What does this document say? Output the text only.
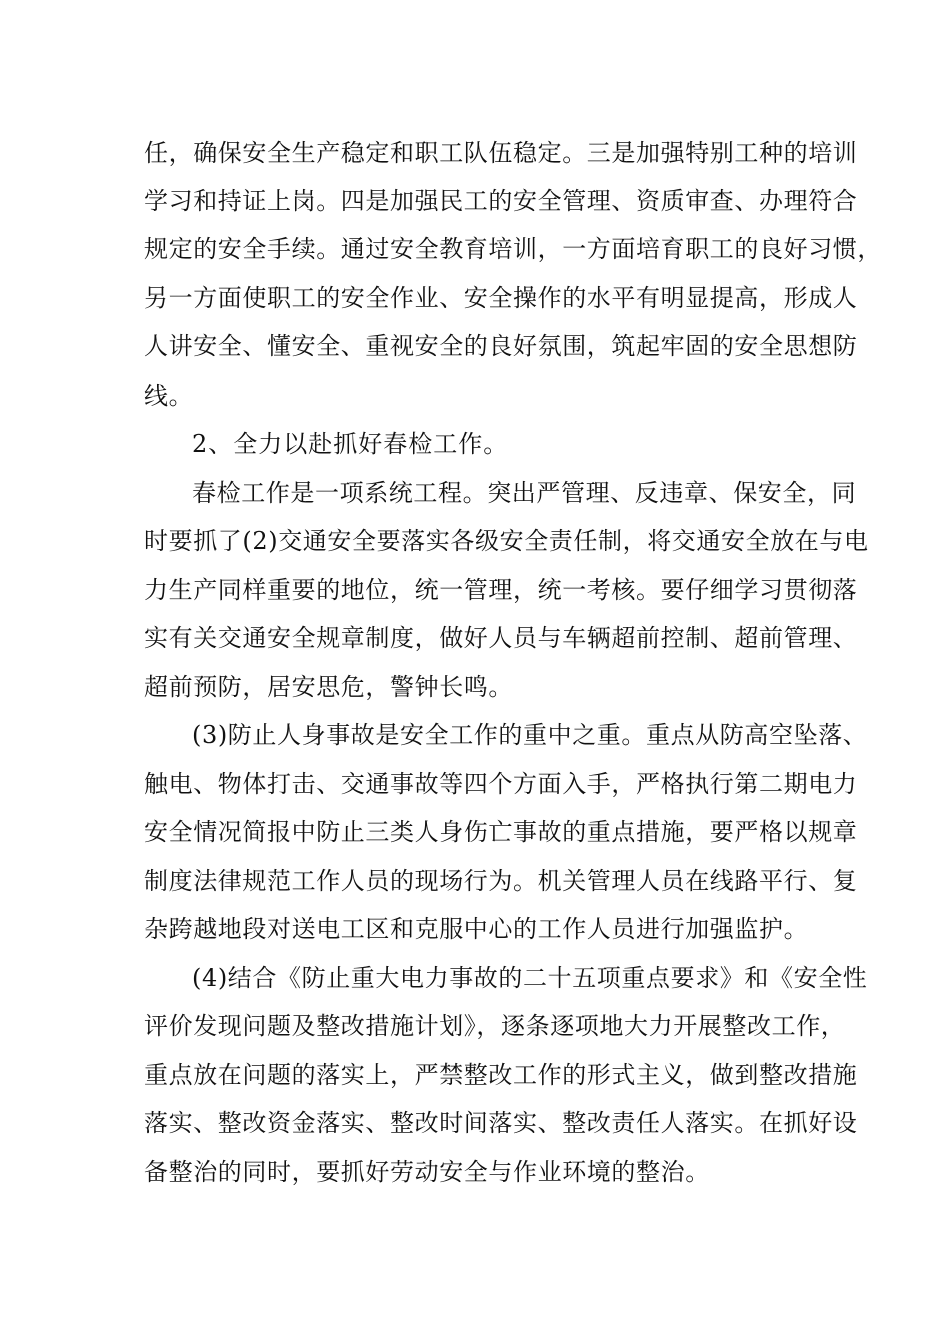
任，确保安全生产稳定和职工队伍稳定。三是加强特别工种的培训
学习和持证上岗。四是加强民工的安全管理、资质审查、办理符合
规定的安全手续。通过安全教育培训，一方面培育职工的良好习惯，
另一方面使职工的安全作业、安全操作的水平有明显提高，形成人
人讲安全、懂安全、重视安全的良好氛围，筑起牢固的安全思想防
线。
2、全力以赴抓好春检工作。
春检工作是一项系统工程。突出严管理、反违章、保安全，同
时要抓了(2)交通安全要落实各级安全责任制，将交通安全放在与电
力生产同样重要的地位，统一管理，统一考核。要仔细学习贯彻落
实有关交通安全规章制度，做好人员与车辆超前控制、超前管理、
超前预防，居安思危，警钟长鸣。
(3)防止人身事故是安全工作的重中之重。重点从防高空坠落、
触电、物体打击、交通事故等四个方面入手，严格执行第二期电力
安全情况简报中防止三类人身伤亡事故的重点措施，要严格以规章
制度法律规范工作人员的现场行为。机关管理人员在线路平行、复
杂跨越地段对送电工区和克服中心的工作人员进行加强监护。
(4)结合《防止重大电力事故的二十五项重点要求》和《安全性
评价发现问题及整改措施计划》，逐条逐项地大力开展整改工作，
重点放在问题的落实上，严禁整改工作的形式主义，做到整改措施
落实、整改资金落实、整改时间落实、整改责任人落实。在抓好设
备整治的同时，要抓好劳动安全与作业环境的整治。
